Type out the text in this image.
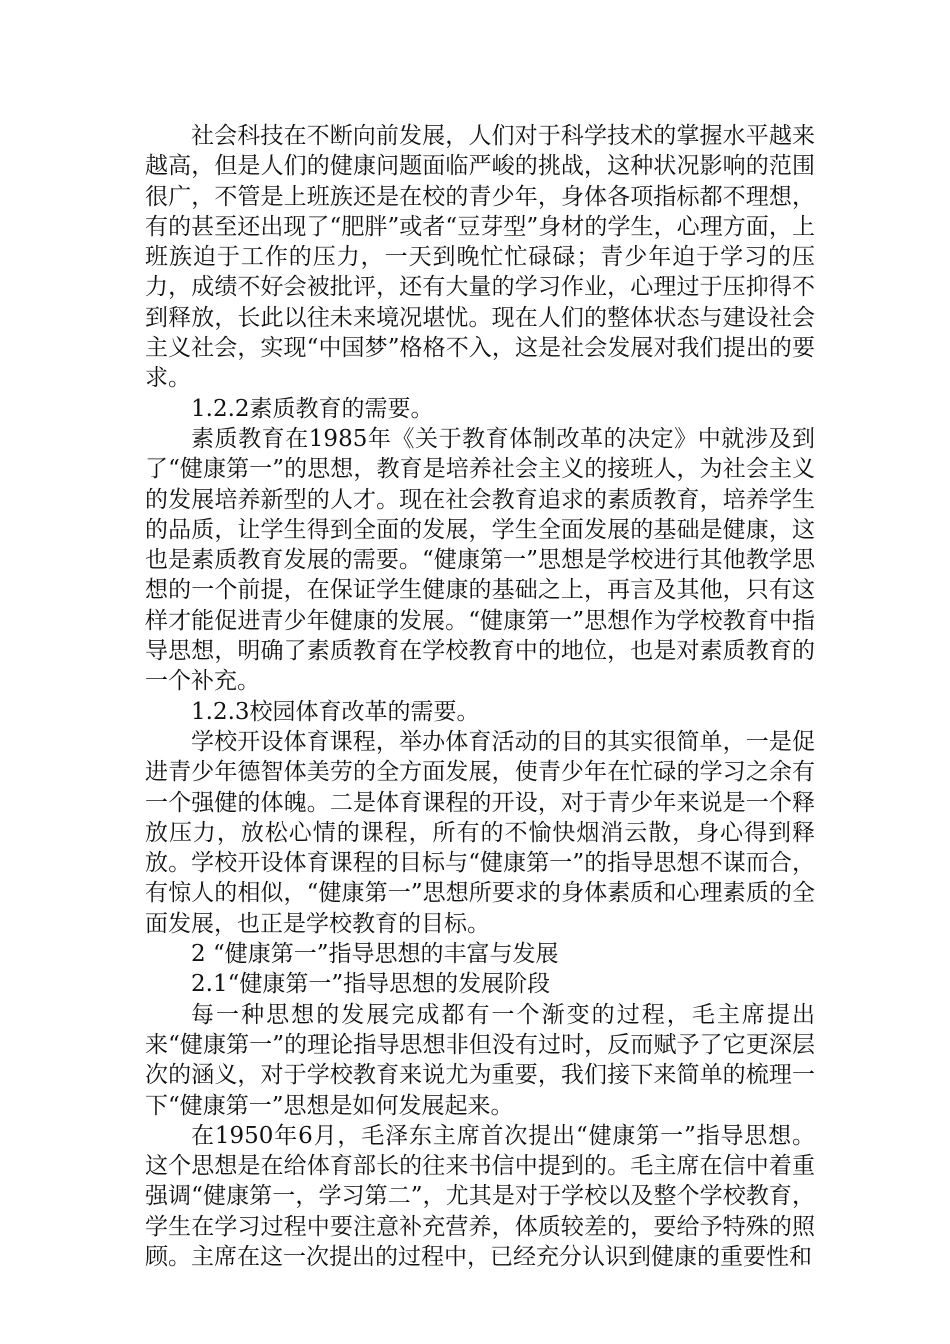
社会科技在不断向前发展，人们对于科学技术的掌握水平越来越高，但是人们的健康问题面临严峻的挑战，这种状况影响的范围很广，不管是上班族还是在校的青少年，身体各项指标都不理想，有的甚至还出现了“肥胖”或者“豆芽型”身材的学生，心理方面，上班族迫于工作的压力，一天到晚忙忙碌碌；青少年迫于学习的压力，成绩不好会被批评，还有大量的学习作业，心理过于压抑得不到释放，长此以往未来境况堪忧。现在人们的整体状态与建设社会主义社会，实现“中国梦”格格不入，这是社会发展对我们提出的要求。

1.2.2素质教育的需要。

素质教育在1985年《关于教育体制改革的决定》中就涉及到了“健康第一”的思想，教育是培养社会主义的接班人，为社会主义的发展培养新型的人才。现在社会教育追求的素质教育，培养学生的品质，让学生得到全面的发展，学生全面发展的基础是健康，这也是素质教育发展的需要。“健康第一”思想是学校进行其他教学思想的一个前提，在保证学生健康的基础之上，再言及其他，只有这样才能促进青少年健康的发展。“健康第一”思想作为学校教育中指导思想，明确了素质教育在学校教育中的地位，也是对素质教育的一个补充。

1.2.3校园体育改革的需要。

学校开设体育课程，举办体育活动的目的其实很简单，一是促进青少年德智体美劳的全方面发展，使青少年在忙碌的学习之余有一个强健的体魄。二是体育课程的开设，对于青少年来说是一个释放压力，放松心情的课程，所有的不愉快烟消云散，身心得到释放。学校开设体育课程的目标与“健康第一”的指导思想不谋而合，有惊人的相似，“健康第一”思想所要求的身体素质和心理素质的全面发展，也正是学校教育的目标。

2 “健康第一”指导思想的丰富与发展

2.1“健康第一”指导思想的发展阶段

每一种思想的发展完成都有一个渐变的过程，毛主席提出来“健康第一”的理论指导思想非但没有过时，反而赋予了它更深层次的涵义，对于学校教育来说尤为重要，我们接下来简单的梳理一下“健康第一”思想是如何发展起来。

在1950年6月，毛泽东主席首次提出“健康第一”指导思想。这个思想是在给体育部长的往来书信中提到的。毛主席在信中着重强调“健康第一，学习第二”，尤其是对于学校以及整个学校教育，学生在学习过程中要注意补充营养，体质较差的，要给予特殊的照顾。主席在这一次提出的过程中，已经充分认识到健康的重要性和
